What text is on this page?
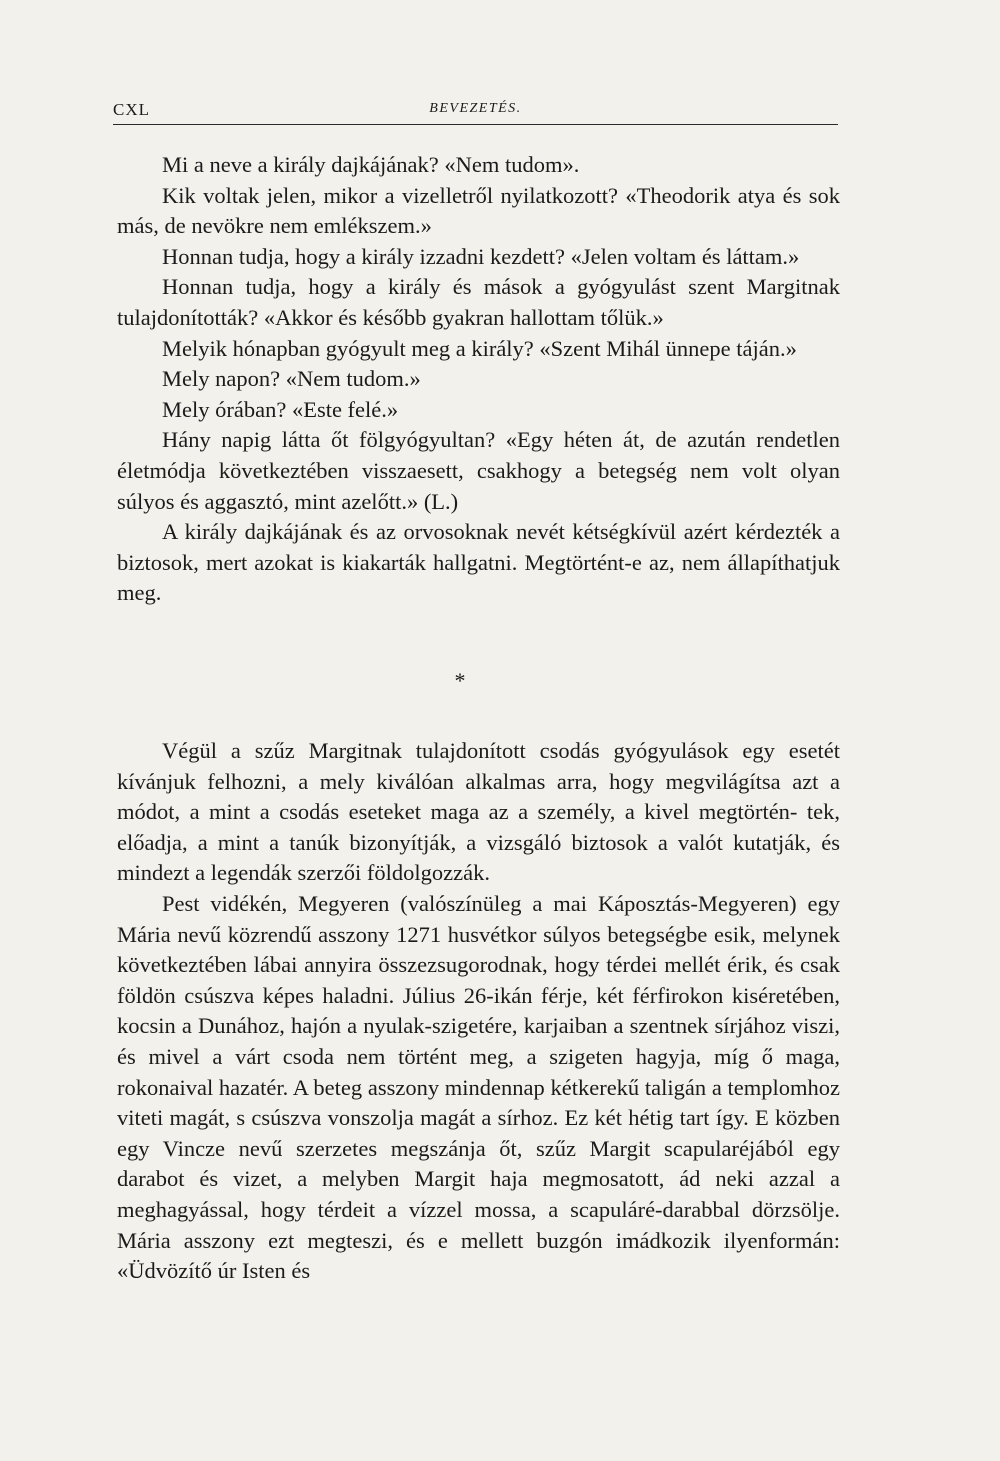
CXL	BEVEZETÉS.

Mi a neve a király dajkájának? «Nem tudom».

Kik voltak jelen, mikor a vizelletről nyilatkozott? «Theodorik atya és sok más, de nevökre nem emlékszem.»

Honnan tudja, hogy a király izzadni kezdett? «Jelen voltam és láttam.»

Honnan tudja, hogy a király és mások a gyógyulást szent Margitnak tulajdonították? «Akkor és később gyakran hallottam tőlük.»

Melyik hónapban gyógyult meg a király? «Szent Mihál ünnepe táján.»

Mely napon? «Nem tudom.»

Mely órában? «Este felé.»

Hány napig látta őt fölgyógyultan? «Egy héten át, de azután rendetlen életmódja következtében visszaesett, csakhogy a betegség nem volt olyan súlyos és aggasztó, mint azelőtt.» (L.)

A király dajkájának és az orvosoknak nevét kétségkívül azért kérdezték a biztosok, mert azokat is kiakarták hallgatni. Megtörtént-e az, nem állapíthatjuk meg.

*

Végül a szűz Margitnak tulajdonított csodás gyógyulások egy esetét kívánjuk felhozni, a mely kiválóan alkalmas arra, hogy megvilágítsa azt a módot, a mint a csodás eseteket maga az a személy, a kivel megtörtén- tek, előadja, a mint a tanúk bizonyítják, a vizsgáló biztosok a valót kutatják, és mindezt a legendák szerzői földolgozzák.

Pest vidékén, Megyeren (valószínüleg a mai Káposztás-Megyeren) egy Mária nevű közrendű asszony 1271 husvétkor súlyos betegségbe esik, melynek következtében lábai annyira összezsugorodnak, hogy térdei mellét érik, és csak földön csúszva képes haladni. Július 26-ikán férje, két férfirokon kiséretében, kocsin a Dunához, hajón a nyulak-szigetére, karjaiban a szentnek sírjához viszi, és mivel a várt csoda nem történt meg, a szigeten hagyja, míg ő maga, rokonaival hazatér. A beteg asszony mindennap kétkerekű taligán a templomhoz viteti magát, s csúszva vonszolja magát a sírhoz. Ez két hétig tart így. E közben egy Vincze nevű szerzetes megszánja őt, szűz Margit scapularéjából egy darabot és vizet, a melyben Margit haja megmosatott, ád neki azzal a meghagyással, hogy térdeit a vízzel mossa, a scapuláré-darabbal dörzsölje. Mária asszony ezt megteszi, és e mellett buzgón imádkozik ilyenformán: «Üdvözítő úr Isten és
